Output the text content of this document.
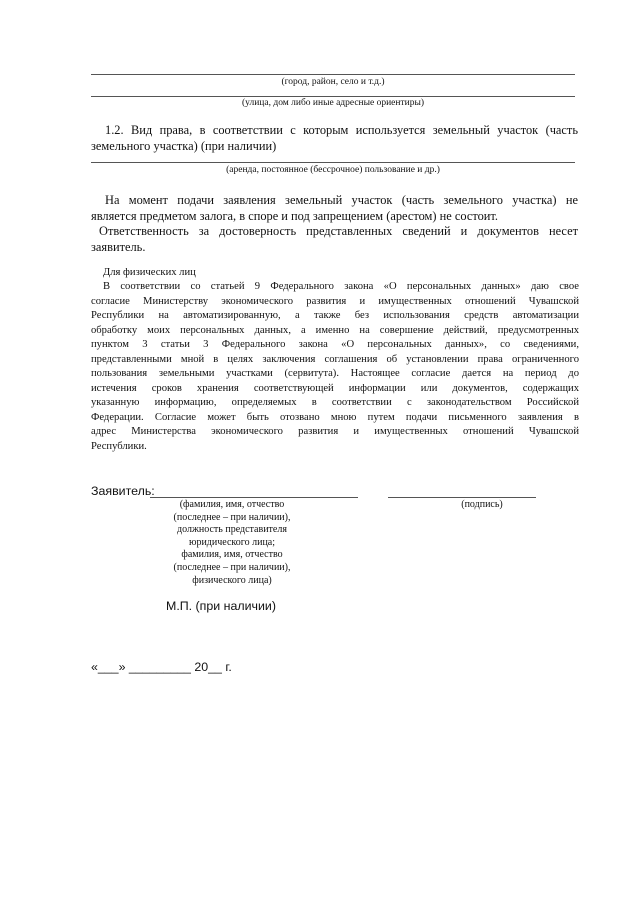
(город, район, село и т.д.)
(улица, дом либо иные адресные ориентиры)
1.2. Вид права, в соответствии с которым используется земельный участок (часть
земельного участка) (при наличии)
(аренда, постоянное (бессрочное) пользование и др.)
На момент подачи заявления земельный участок (часть земельного участка) не
является предметом залога, в споре и под запрещением (арестом) не состоит.
Ответственность за достоверность представленных сведений и документов несет
заявитель.
Для физических лиц
В соответствии со статьей 9 Федерального закона «О персональных данных» даю свое
согласие Министерству экономического развития и имущественных отношений Чувашской
Республики на автоматизированную, а также без использования средств автоматизации
обработку моих персональных данных, а именно на совершение действий, предусмотренных
пунктом 3 статьи 3 Федерального закона «О персональных данных», со сведениями,
представленными мной в целях заключения соглашения об установлении права ограниченного
пользования земельными участками (сервитута). Настоящее согласие дается на период до
истечения сроков хранения соответствующей информации или документов, содержащих
указанную информацию, определяемых в соответствии с законодательством Российской
Федерации. Согласие может быть отозвано мною путем подачи письменного заявления в
адрес Министерства экономического развития и имущественных отношений Чувашской
Республики.
Заявитель:
(фамилия, имя, отчество
(последнее – при наличии),
должность представителя
юридического лица;
фамилия, имя, отчество
(последнее – при наличии),
физического лица)
(подпись)
М.П. (при наличии)
«___» _________ 20__ г.
